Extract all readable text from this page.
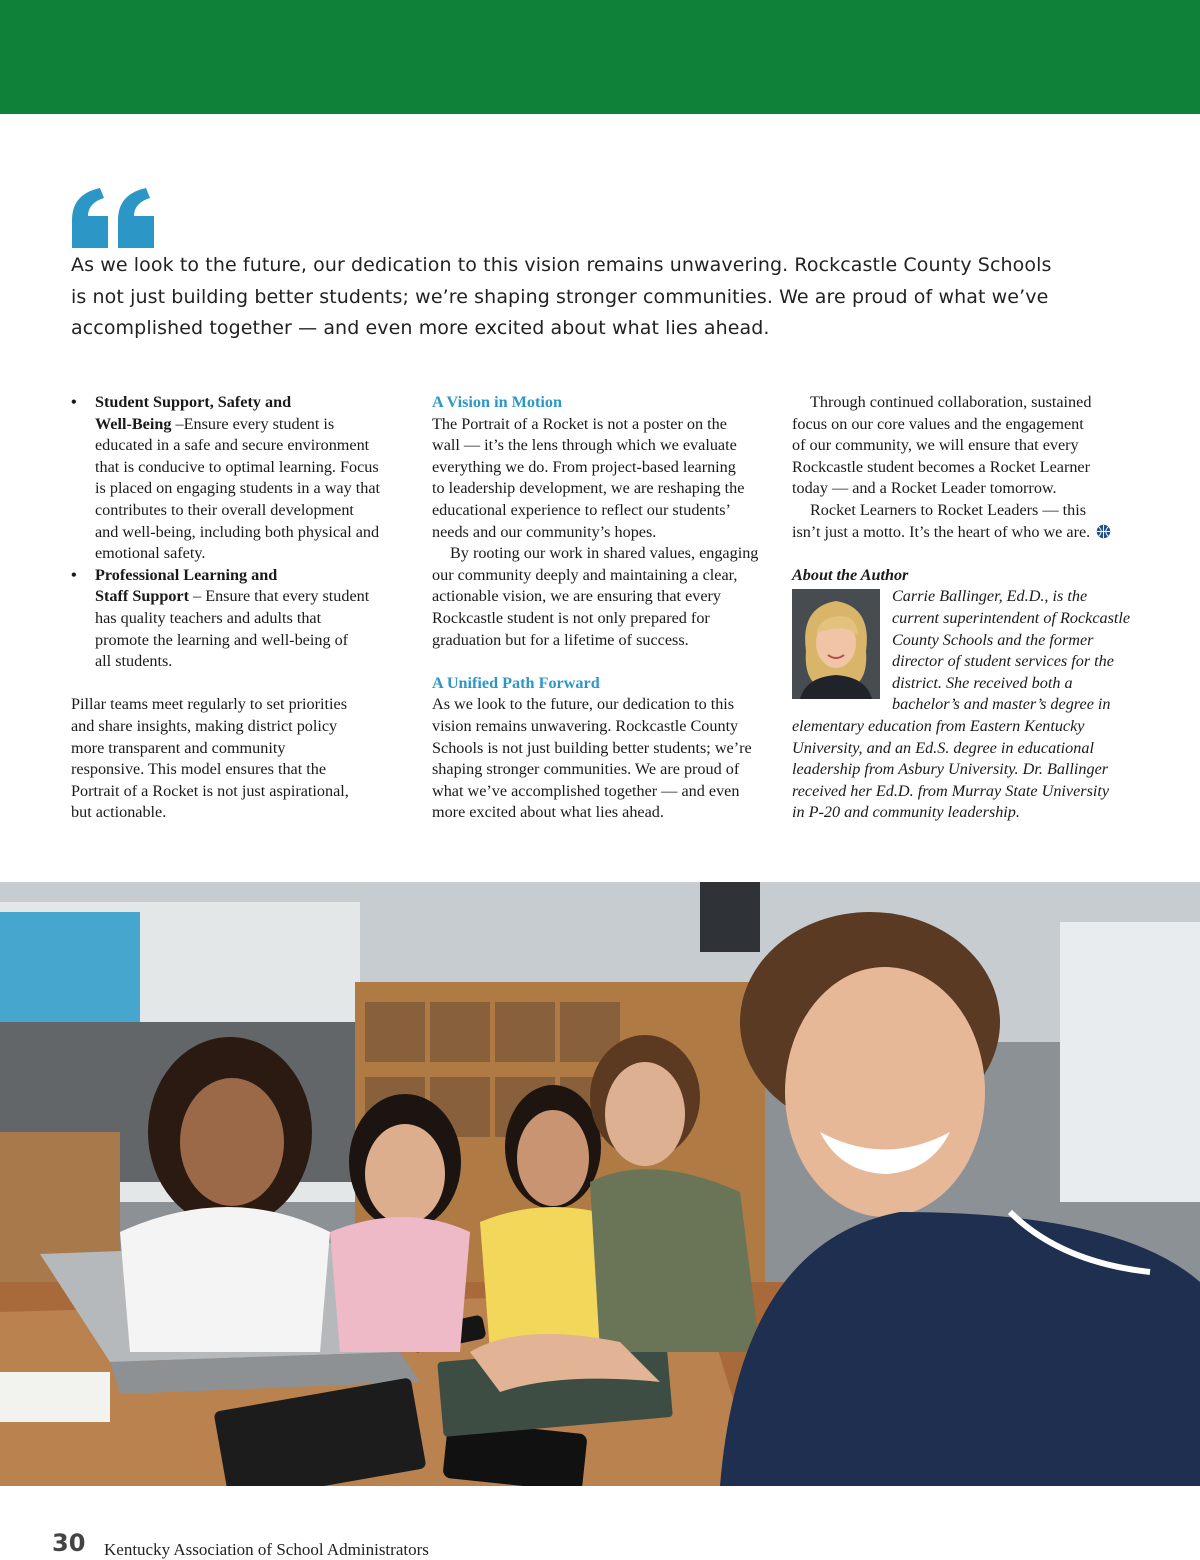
As we look to the future, our dedication to this vision remains unwavering. Rockcastle County Schools
is not just building better students; we’re shaping stronger communities. We are proud of what we’ve
accomplished together — and even more excited about what lies ahead.
• Student Support, Safety and
Well-Being –Ensure every student is
educated in a safe and secure environment
that is conducive to optimal learning. Focus
is placed on engaging students in a way that
contributes to their overall development
and well-being, including both physical and
emotional safety.
• Professional Learning and
Staff Support – Ensure that every student
has quality teachers and adults that
promote the learning and well-being of
all students.

Pillar teams meet regularly to set priorities
and share insights, making district policy
more transparent and community
responsive. This model ensures that the
Portrait of a Rocket is not just aspirational,
but actionable.

A Vision in Motion

The Portrait of a Rocket is not a poster on the
wall — it’s the lens through which we evaluate
everything we do. From project-based learning
to leadership development, we are reshaping the
educational experience to reflect our students’
needs and our community’s hopes.

By rooting our work in shared values, engaging
our community deeply and maintaining a clear,
actionable vision, we are ensuring that every
Rockcastle student is not only prepared for
graduation but for a lifetime of success.

A Unified Path Forward

As we look to the future, our dedication to this
vision remains unwavering. Rockcastle County
Schools is not just building better students; we’re
shaping stronger communities. We are proud of
what we’ve accomplished together — and even
more excited about what lies ahead.

Through continued collaboration, sustained
focus on our core values and the engagement
of our community, we will ensure that every
Rockcastle student becomes a Rocket Learner
today — and a Rocket Leader tomorrow.

Rocket Learners to Rocket Leaders — this
isn’t just a motto. It’s the heart of who we are.

About the Author

Carrie Ballinger, Ed.D., is the
current superintendent of Rockcastle
County Schools and the former
director of student services for the
district. She received both a
bachelor’s and master’s degree in
elementary education from Eastern Kentucky
University, and an Ed.S. degree in educational
leadership from Asbury University. Dr. Ballinger
received her Ed.D. from Murray State University
in P-20 and community leadership.

30 Kentucky Association of School Administrators
